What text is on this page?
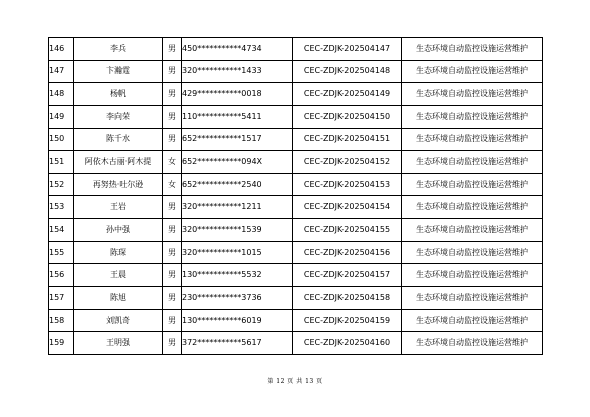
146	李兵	男	450***********4734	CEC-ZDJK-202504147	生态环境自动监控设施运营维护
147	卞瀚霆	男	320***********1433	CEC-ZDJK-202504148	生态环境自动监控设施运营维护
148	杨帆	男	429***********0018	CEC-ZDJK-202504149	生态环境自动监控设施运营维护
149	李向荣	男	110***********5411	CEC-ZDJK-202504150	生态环境自动监控设施运营维护
150	陈千水	男	652***********1517	CEC-ZDJK-202504151	生态环境自动监控设施运营维护
151	阿依木古丽·阿木提	女	652***********094X	CEC-ZDJK-202504152	生态环境自动监控设施运营维护
152	再努热·吐尔逊	女	652***********2540	CEC-ZDJK-202504153	生态环境自动监控设施运营维护
153	王岩	男	320***********1211	CEC-ZDJK-202504154	生态环境自动监控设施运营维护
154	孙中强	男	320***********1539	CEC-ZDJK-202504155	生态环境自动监控设施运营维护
155	陈琛	男	320***********1015	CEC-ZDJK-202504156	生态环境自动监控设施运营维护
156	王晨	男	130***********5532	CEC-ZDJK-202504157	生态环境自动监控设施运营维护
157	陈旭	男	230***********3736	CEC-ZDJK-202504158	生态环境自动监控设施运营维护
158	刘凯奇	男	130***********6019	CEC-ZDJK-202504159	生态环境自动监控设施运营维护
159	王明强	男	372***********5617	CEC-ZDJK-202504160	生态环境自动监控设施运营维护
第 12 页 共 13 页
